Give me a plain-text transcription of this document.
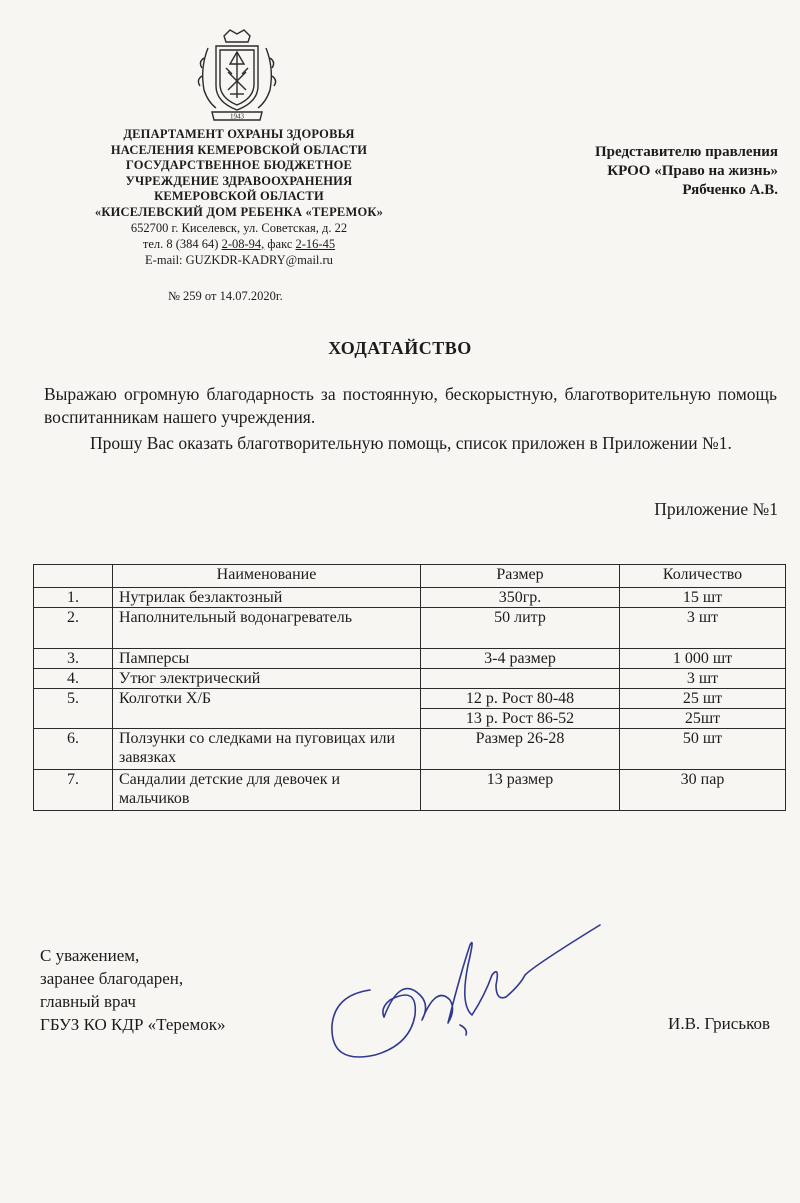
1943
ДЕПАРТАМЕНТ ОХРАНЫ ЗДОРОВЬЯ
НАСЕЛЕНИЯ КЕМЕРОВСКОЙ ОБЛАСТИ
ГОСУДАРСТВЕННОЕ БЮДЖЕТНОЕ
УЧРЕЖДЕНИЕ ЗДРАВООХРАНЕНИЯ
КЕМЕРОВСКОЙ ОБЛАСТИ
«КИСЕЛЕВСКИЙ ДОМ РЕБЕНКА «ТЕРЕМОК»
652700 г. Киселевск, ул. Советская, д. 22
тел. 8 (384 64) 2-08-94, факс 2-16-45
E-mail: GUZKDR-KADRY@mail.ru
№ 259 от 14.07.2020г.
Представителю правления
КРОО «Право на жизнь»
Рябченко А.В.
ХОДАТАЙСТВО
Выражаю огромную благодарность за постоянную, бескорыстную, благотворительную помощь воспитанникам нашего учреждения.
Прошу Вас оказать благотворительную помощь, список приложен в Приложении №1.
Приложение №1
	Наименование	Размер	Количество
1.	Нутрилак безлактозный	350гр.	15 шт
2.	Наполнительный водонагреватель	50 литр	3 шт
3.	Памперсы	3-4 размер	1 000 шт
4.	Утюг электрический		3 шт
5.	Колготки Х/Б	12 р. Рост 80-48	25 шт
		13 р. Рост 86-52	25шт
6.	Ползунки со следками на пуговицах или завязках	Размер 26-28	50 шт
7.	Сандалии детские для девочек и мальчиков	13 размер	30 пар
С уважением,
заранее благодарен,
главный врач
ГБУЗ КО КДР «Теремок»	И.В. Гриськов
